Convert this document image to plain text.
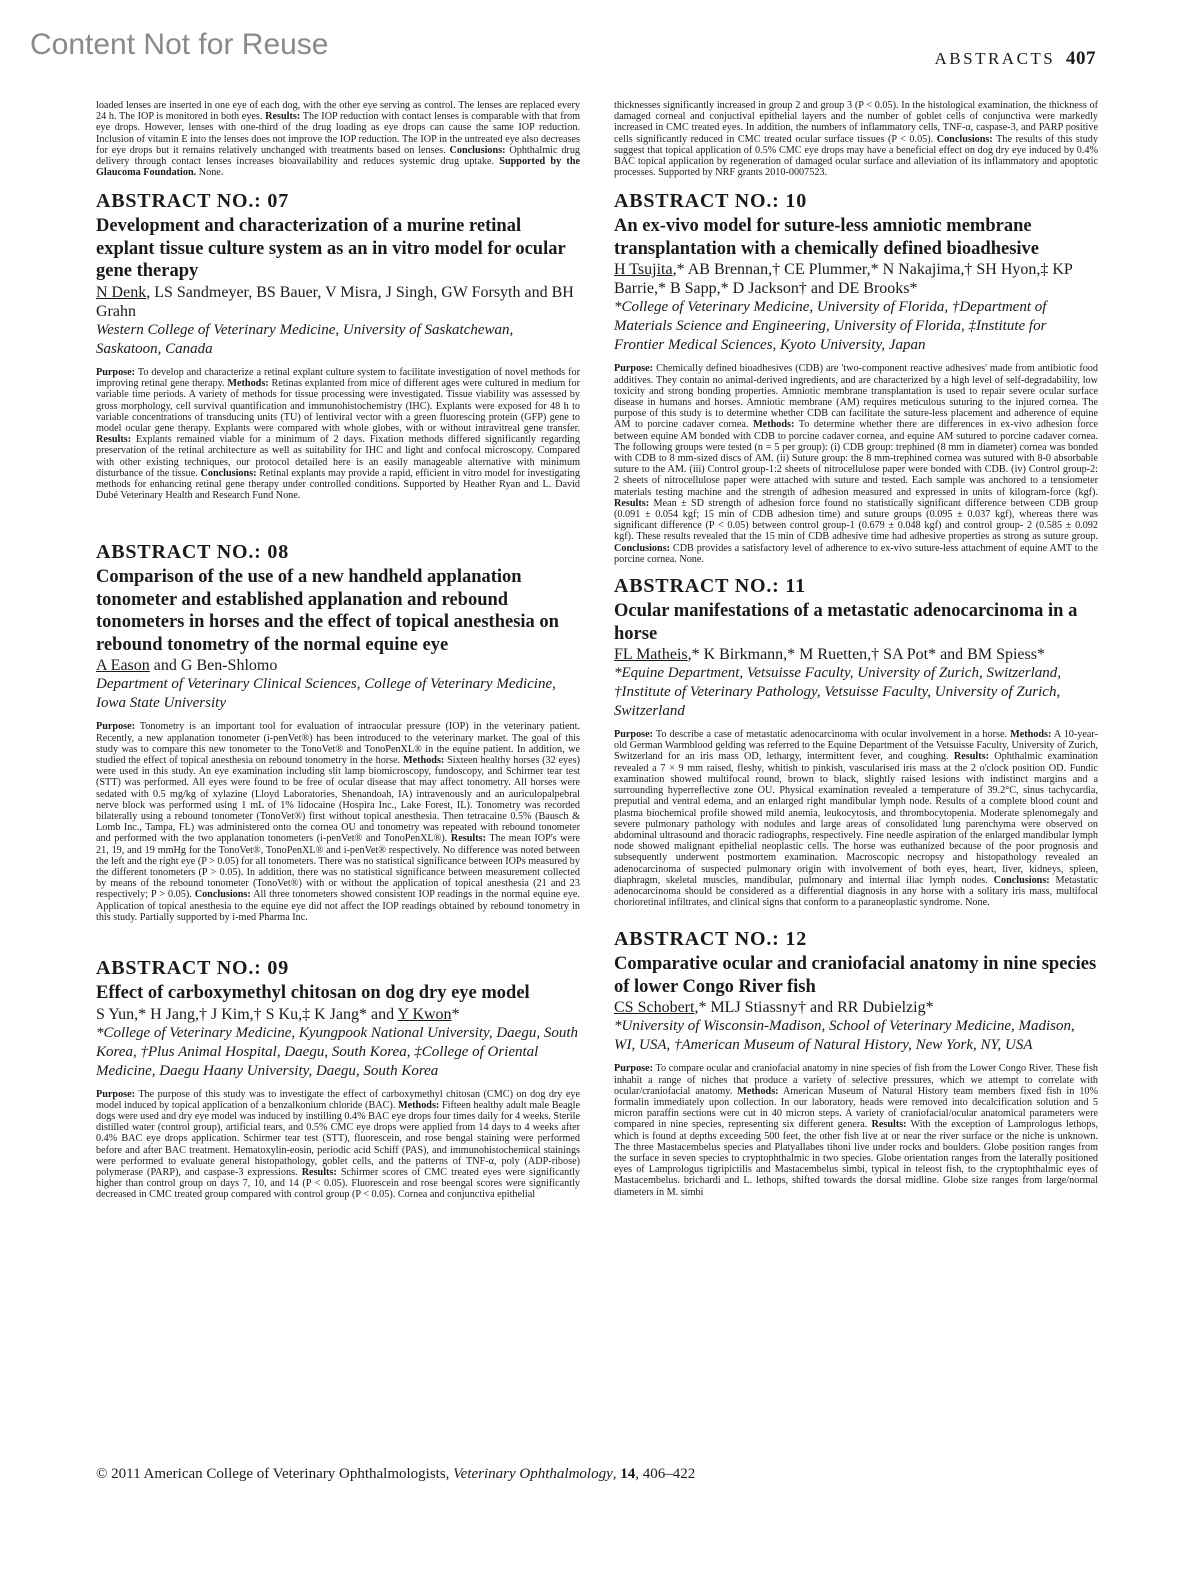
Content Not for Reuse	ABSTRACTS 407

loaded lenses are inserted in one eye of each dog, with the other eye serving as control. The lenses are replaced every 24 h. The IOP is monitored in both eyes. Results: The IOP reduction with contact lenses is comparable with that from eye drops. However, lenses with one-third of the drug loading as eye drops can cause the same IOP reduction. Inclusion of vitamin E into the lenses does not improve the IOP reduction. The IOP in the untreated eye also decreases for eye drops but it remains relatively unchanged with treatments based on lenses. Conclusions: Ophthalmic drug delivery through contact lenses increases bioavailability and reduces systemic drug uptake. Supported by the Glaucoma Foundation. None.

ABSTRACT NO.: 07
Development and characterization of a murine retinal explant tissue culture system as an in vitro model for ocular gene therapy
N Denk, LS Sandmeyer, BS Bauer, V Misra, J Singh, GW Forsyth and BH Grahn
Western College of Veterinary Medicine, University of Saskatchewan, Saskatoon, Canada

Purpose: To develop and characterize a retinal explant culture system to facilitate investigation of novel methods for improving retinal gene therapy. Methods: Retinas explanted from mice of different ages were cultured in medium for variable time periods. A variety of methods for tissue processing were investigated. Tissue viability was assessed by gross morphology, cell survival quantification and immunohistochemistry (IHC). Explants were exposed for 48 h to variable concentrations of transducing units (TU) of lentiviral vector with a green fluorescing protein (GFP) gene to model ocular gene therapy. Explants were compared with whole globes, with or without intravitreal gene transfer. Results: Explants remained viable for a minimum of 2 days. Fixation methods differed significantly regarding preservation of the retinal architecture as well as suitability for IHC and light and confocal microscopy. Compared with other existing techniques, our protocol detailed here is an easily manageable alternative with minimum disturbance of the tissue. Conclusions: Retinal explants may provide a rapid, efficient in vitro model for investigating methods for enhancing retinal gene therapy under controlled conditions. Supported by Heather Ryan and L. David Dubé Veterinary Health and Research Fund None.

ABSTRACT NO.: 08
Comparison of the use of a new handheld applanation tonometer and established applanation and rebound tonometers in horses and the effect of topical anesthesia on rebound tonometry of the normal equine eye
A Eason and G Ben-Shlomo
Department of Veterinary Clinical Sciences, College of Veterinary Medicine, Iowa State University

Purpose: Tonometry is an important tool for evaluation of intraocular pressure (IOP) in the veterinary patient. Recently, a new applanation tonometer (i-penVet®) has been introduced to the veterinary market. The goal of this study was to compare this new tonometer to the TonoVet® and TonoPenXL® in the equine patient. In addition, we studied the effect of topical anesthesia on rebound tonometry in the horse. Methods: Sixteen healthy horses (32 eyes) were used in this study. An eye examination including slit lamp biomicroscopy, fundoscopy, and Schirmer tear test (STT) was performed. All eyes were found to be free of ocular disease that may affect tonometry. All horses were sedated with 0.5 mg/kg of xylazine (Lloyd Laboratories, Shenandoah, IA) intravenously and an auriculopalpebral nerve block was performed using 1 mL of 1% lidocaine (Hospira Inc., Lake Forest, IL). Tonometry was recorded bilaterally using a rebound tonometer (TonoVet®) first without topical anesthesia. Then tetracaine 0.5% (Bausch & Lomb Inc., Tampa, FL) was administered onto the cornea OU and tonometry was repeated with rebound tonometer and performed with the two applanation tonometers (i-penVet® and TonoPenXL®). Results: The mean IOP's were 21, 19, and 19 mmHg for the TonoVet®, TonoPenXL® and i-penVet® respectively. No difference was noted between the left and the right eye (P > 0.05) for all tonometers. There was no statistical significance between IOPs measured by the different tonometers (P > 0.05). In addition, there was no statistical significance between measurement collected by means of the rebound tonometer (TonoVet®) with or without the application of topical anesthesia (21 and 23 respectively; P > 0.05). Conclusions: All three tonometers showed consistent IOP readings in the normal equine eye. Application of topical anesthesia to the equine eye did not affect the IOP readings obtained by rebound tonometry in this study. Partially supported by i-med Pharma Inc.

ABSTRACT NO.: 09
Effect of carboxymethyl chitosan on dog dry eye model
S Yun,* H Jang,† J Kim,† S Ku,‡ K Jang* and Y Kwon*
*College of Veterinary Medicine, Kyungpook National University, Daegu, South Korea, †Plus Animal Hospital, Daegu, South Korea, ‡College of Oriental Medicine, Daegu Haany University, Daegu, South Korea

Purpose: The purpose of this study was to investigate the effect of carboxymethyl chitosan (CMC) on dog dry eye model induced by topical application of a benzalkonium chloride (BAC). Methods: Fifteen healthy adult male Beagle dogs were used and dry eye model was induced by instilling 0.4% BAC eye drops four times daily for 4 weeks. Sterile distilled water (control group), artificial tears, and 0.5% CMC eye drops were applied from 14 days to 4 weeks after 0.4% BAC eye drops application. Schirmer tear test (STT), fluorescein, and rose bengal staining were performed before and after BAC treatment. Hematoxylin-eosin, periodic acid Schiff (PAS), and immunohistochemical stainings were performed to evaluate general histopathology, goblet cells, and the patterns of TNF-α, poly (ADP-ribose) polymerase (PARP), and caspase-3 expressions. Results: Schirmer scores of CMC treated eyes were significantly higher than control group on days 7, 10, and 14 (P < 0.05). Fluorescein and rose beengal scores were significantly decreased in CMC treated group compared with control group (P < 0.05). Cornea and conjunctiva epithelial

thicknesses significantly increased in group 2 and group 3 (P < 0.05). In the histological examination, the thickness of damaged corneal and conjuctival epithelial layers and the number of goblet cells of conjunctiva were markedly increased in CMC treated eyes. In addition, the numbers of inflammatory cells, TNF-α, caspase-3, and PARP positive cells significantly reduced in CMC treated ocular surface tissues (P < 0.05). Conclusions: The results of this study suggest that topical application of 0.5% CMC eye drops may have a beneficial effect on dog dry eye induced by 0.4% BAC topical application by regeneration of damaged ocular surface and alleviation of its inflammatory and apoptotic processes. Supported by NRF grants 2010-0007523.

ABSTRACT NO.: 10
An ex-vivo model for suture-less amniotic membrane transplantation with a chemically defined bioadhesive
H Tsujita,* AB Brennan,† CE Plummer,* N Nakajima,† SH Hyon,‡ KP Barrie,* B Sapp,* D Jackson† and DE Brooks*
*College of Veterinary Medicine, University of Florida, †Department of Materials Science and Engineering, University of Florida, ‡Institute for Frontier Medical Sciences, Kyoto University, Japan

Purpose: Chemically defined bioadhesives (CDB) are 'two-component reactive adhesives' made from antibiotic food additives. They contain no animal-derived ingredients, and are characterized by a high level of self-degradability, low toxicity and strong bonding properties. Amniotic membrane transplantation is used to repair severe ocular surface disease in humans and horses. Amniotic membrane (AM) requires meticulous suturing to the injured cornea. The purpose of this study is to determine whether CDB can facilitate the suture-less placement and adherence of equine AM to porcine cadaver cornea. Methods: To determine whether there are differences in ex-vivo adhesion force between equine AM bonded with CDB to porcine cadaver cornea, and equine AM sutured to porcine cadaver cornea. The following groups were tested (n = 5 per group): (i) CDB group: trephined (8 mm in diameter) cornea was bonded with CDB to 8 mm-sized discs of AM. (ii) Suture group: the 8 mm-trephined cornea was sutured with 8-0 absorbable suture to the AM. (iii) Control group-1:2 sheets of nitrocellulose paper were bonded with CDB. (iv) Control group-2: 2 sheets of nitrocellulose paper were attached with suture and tested. Each sample was anchored to a tensiometer materials testing machine and the strength of adhesion measured and expressed in units of kilogram-force (kgf). Results: Mean ± SD strength of adhesion force found no statistically significant difference between CDB group (0.091 ± 0.054 kgf; 15 min of CDB adhesion time) and suture groups (0.095 ± 0.037 kgf), whereas there was significant difference (P < 0.05) between control group-1 (0.679 ± 0.048 kgf) and control group- 2 (0.585 ± 0.092 kgf). These results revealed that the 15 min of CDB adhesive time had adhesive properties as strong as suture group. Conclusions: CDB provides a satisfactory level of adherence to ex-vivo suture-less attachment of equine AMT to the porcine cornea. None.

ABSTRACT NO.: 11
Ocular manifestations of a metastatic adenocarcinoma in a horse
FL Matheis,* K Birkmann,* M Ruetten,† SA Pot* and BM Spiess*
*Equine Department, Vetsuisse Faculty, University of Zurich, Switzerland, †Institute of Veterinary Pathology, Vetsuisse Faculty, University of Zurich, Switzerland

Purpose: To describe a case of metastatic adenocarcinoma with ocular involvement in a horse. Methods: A 10-year-old German Warmblood gelding was referred to the Equine Department of the Vetsuisse Faculty, University of Zurich, Switzerland for an iris mass OD, lethargy, intermittent fever, and coughing. Results: Ophthalmic examination revealed a 7 × 9 mm raised, fleshy, whitish to pinkish, vascularised iris mass at the 2 o'clock position OD. Fundic examination showed multifocal round, brown to black, slightly raised lesions with indistinct margins and a surrounding hyperreflective zone OU. Physical examination revealed a temperature of 39.2°C, sinus tachycardia, preputial and ventral edema, and an enlarged right mandibular lymph node. Results of a complete blood count and plasma biochemical profile showed mild anemia, leukocytosis, and thrombocytopenia. Moderate splenomegaly and severe pulmonary pathology with nodules and large areas of consolidated lung parenchyma were observed on abdominal ultrasound and thoracic radiographs, respectively. Fine needle aspiration of the enlarged mandibular lymph node showed malignant epithelial neoplastic cells. The horse was euthanized because of the poor prognosis and subsequently underwent postmortem examination. Macroscopic necropsy and histopathology revealed an adenocarcinoma of suspected pulmonary origin with involvement of both eyes, heart, liver, kidneys, spleen, diaphragm, skeletal muscles, mandibular, pulmonary and internal iliac lymph nodes. Conclusions: Metastatic adenocarcinoma should be considered as a differential diagnosis in any horse with a solitary iris mass, multifocal chorioretinal infiltrates, and clinical signs that conform to a paraneoplastic syndrome. None.

ABSTRACT NO.: 12
Comparative ocular and craniofacial anatomy in nine species of lower Congo River fish
CS Schobert,* MLJ Stiassny† and RR Dubielzig*
*University of Wisconsin-Madison, School of Veterinary Medicine, Madison, WI, USA, †American Museum of Natural History, New York, NY, USA

Purpose: To compare ocular and craniofacial anatomy in nine species of fish from the Lower Congo River. These fish inhabit a range of niches that produce a variety of selective pressures, which we attempt to correlate with ocular/craniofacial anatomy. Methods: American Museum of Natural History team members fixed fish in 10% formalin immediately upon collection. In our laboratory, heads were removed into decalcification solution and 5 micron paraffin sections were cut in 40 micron steps. A variety of craniofacial/ocular anatomical parameters were compared in nine species, representing six different genera. Results: With the exception of Lamprologus lethops, which is found at depths exceeding 500 feet, the other fish live at or near the river surface or the niche is unknown. The three Mastacembelus species and Platyallabes tihoni live under rocks and boulders. Globe position ranges from the surface in seven species to cryptophthalmic in two species. Globe orientation ranges from the laterally positioned eyes of Lamprologus tigripictilis and Mastacembelus simbi, typical in teleost fish, to the cryptophthalmic eyes of Mastacembelus. brichardi and L. lethops, shifted towards the dorsal midline. Globe size ranges from large/normal diameters in M. simbi

© 2011 American College of Veterinary Ophthalmologists, Veterinary Ophthalmology, 14, 406–422
